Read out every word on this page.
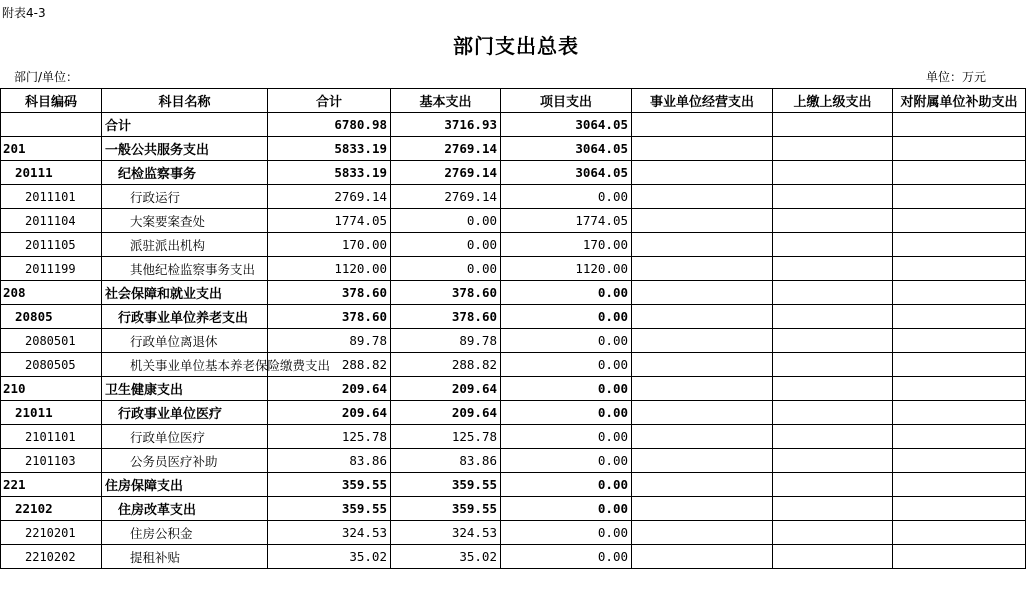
附表4-3
部门支出总表
部门/单位：	单位：万元
科目编码	科目名称	合计	基本支出	项目支出	事业单位经营支出	上缴上级支出	对附属单位补助支出
	合计	6780.98	3716.93	3064.05			
201	一般公共服务支出	5833.19	2769.14	3064.05			
20111	纪检监察事务	5833.19	2769.14	3064.05			
2011101	行政运行	2769.14	2769.14	0.00			
2011104	大案要案查处	1774.05	0.00	1774.05			
2011105	派驻派出机构	170.00	0.00	170.00			
2011199	其他纪检监察事务支出	1120.00	0.00	1120.00			
208	社会保障和就业支出	378.60	378.60	0.00			
20805	行政事业单位养老支出	378.60	378.60	0.00			
2080501	行政单位离退休	89.78	89.78	0.00			
2080505	机关事业单位基本养老保险缴费支出	288.82	288.82	0.00			
210	卫生健康支出	209.64	209.64	0.00			
21011	行政事业单位医疗	209.64	209.64	0.00			
2101101	行政单位医疗	125.78	125.78	0.00			
2101103	公务员医疗补助	83.86	83.86	0.00			
221	住房保障支出	359.55	359.55	0.00			
22102	住房改革支出	359.55	359.55	0.00			
2210201	住房公积金	324.53	324.53	0.00			
2210202	提租补贴	35.02	35.02	0.00			
